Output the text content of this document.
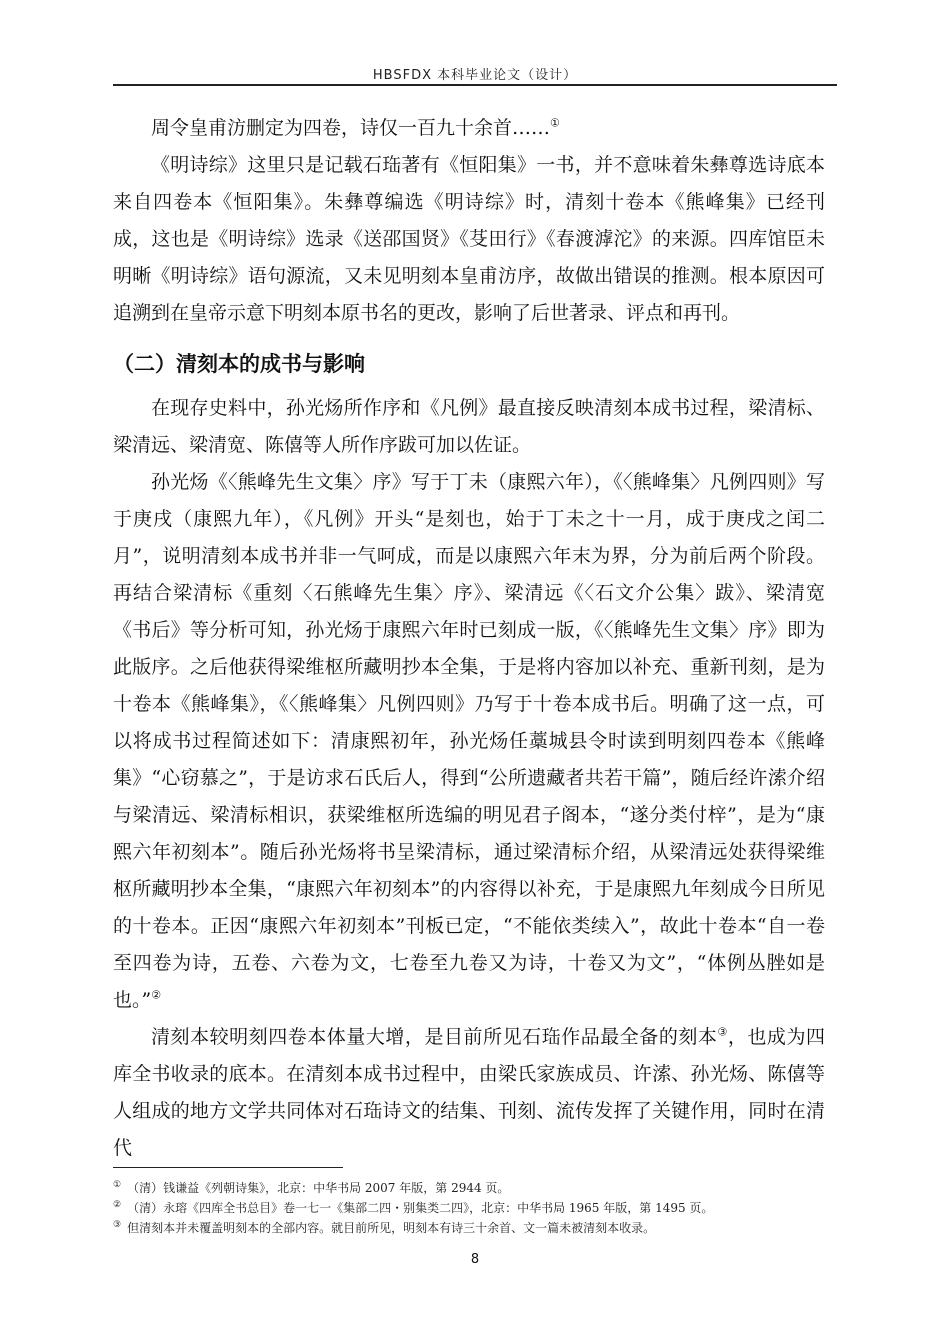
HBSFDX 本科毕业论文（设计）

周令皇甫汸删定为四卷，诗仅一百九十余首……①

《明诗综》这里只是记载石珤著有《恒阳集》一书，并不意味着朱彝尊选诗底本来自四卷本《恒阳集》。朱彝尊编选《明诗综》时，清刻十卷本《熊峰集》已经刊成，这也是《明诗综》选录《送邵国贤》《芟田行》《春渡滹沱》的来源。四库馆臣未明晰《明诗综》语句源流，又未见明刻本皇甫汸序，故做出错误的推测。根本原因可追溯到在皇帝示意下明刻本原书名的更改，影响了后世著录、评点和再刊。

（二）清刻本的成书与影响

在现存史料中，孙光炀所作序和《凡例》最直接反映清刻本成书过程，梁清标、梁清远、梁清宽、陈僖等人所作序跋可加以佐证。

孙光炀《〈熊峰先生文集〉序》写于丁未（康熙六年），《〈熊峰集〉凡例四则》写于庚戌（康熙九年），《凡例》开头“是刻也，始于丁未之十一月，成于庚戌之闰二月”，说明清刻本成书并非一气呵成，而是以康熙六年末为界，分为前后两个阶段。再结合梁清标《重刻〈石熊峰先生集〉序》、梁清远《〈石文介公集〉跋》、梁清宽《书后》等分析可知，孙光炀于康熙六年时已刻成一版，《〈熊峰先生文集〉序》即为此版序。之后他获得梁维枢所藏明抄本全集，于是将内容加以补充、重新刊刻，是为十卷本《熊峰集》，《〈熊峰集〉凡例四则》乃写于十卷本成书后。明确了这一点，可以将成书过程简述如下：清康熙初年，孙光炀任藁城县令时读到明刻四卷本《熊峰集》“心窃慕之”，于是访求石氏后人，得到“公所遗藏者共若干篇”，随后经许溹介绍与梁清远、梁清标相识，获梁维枢所选编的明见君子阁本，“遂分类付梓”，是为“康熙六年初刻本”。随后孙光炀将书呈梁清标，通过梁清标介绍，从梁清远处获得梁维枢所藏明抄本全集，“康熙六年初刻本”的内容得以补充，于是康熙九年刻成今日所见的十卷本。正因“康熙六年初刻本”刊板已定，“不能依类续入”，故此十卷本“自一卷至四卷为诗，五卷、六卷为文，七卷至九卷又为诗，十卷又为文”，“体例丛脞如是也。”②

清刻本较明刻四卷本体量大增，是目前所见石珤作品最全备的刻本③，也成为四库全书收录的底本。在清刻本成书过程中，由梁氏家族成员、许溹、孙光炀、陈僖等人组成的地方文学共同体对石珤诗文的结集、刊刻、流传发挥了关键作用，同时在清代

① （清）钱谦益《列朝诗集》，北京：中华书局 2007 年版，第 2944 页。

② （清）永瑢《四库全书总目》卷一七一《集部二四・别集类二四》，北京：中华书局 1965 年版，第 1495 页。

③ 但清刻本并未覆盖明刻本的全部内容。就目前所见，明刻本有诗三十余首、文一篇未被清刻本收录。

8
